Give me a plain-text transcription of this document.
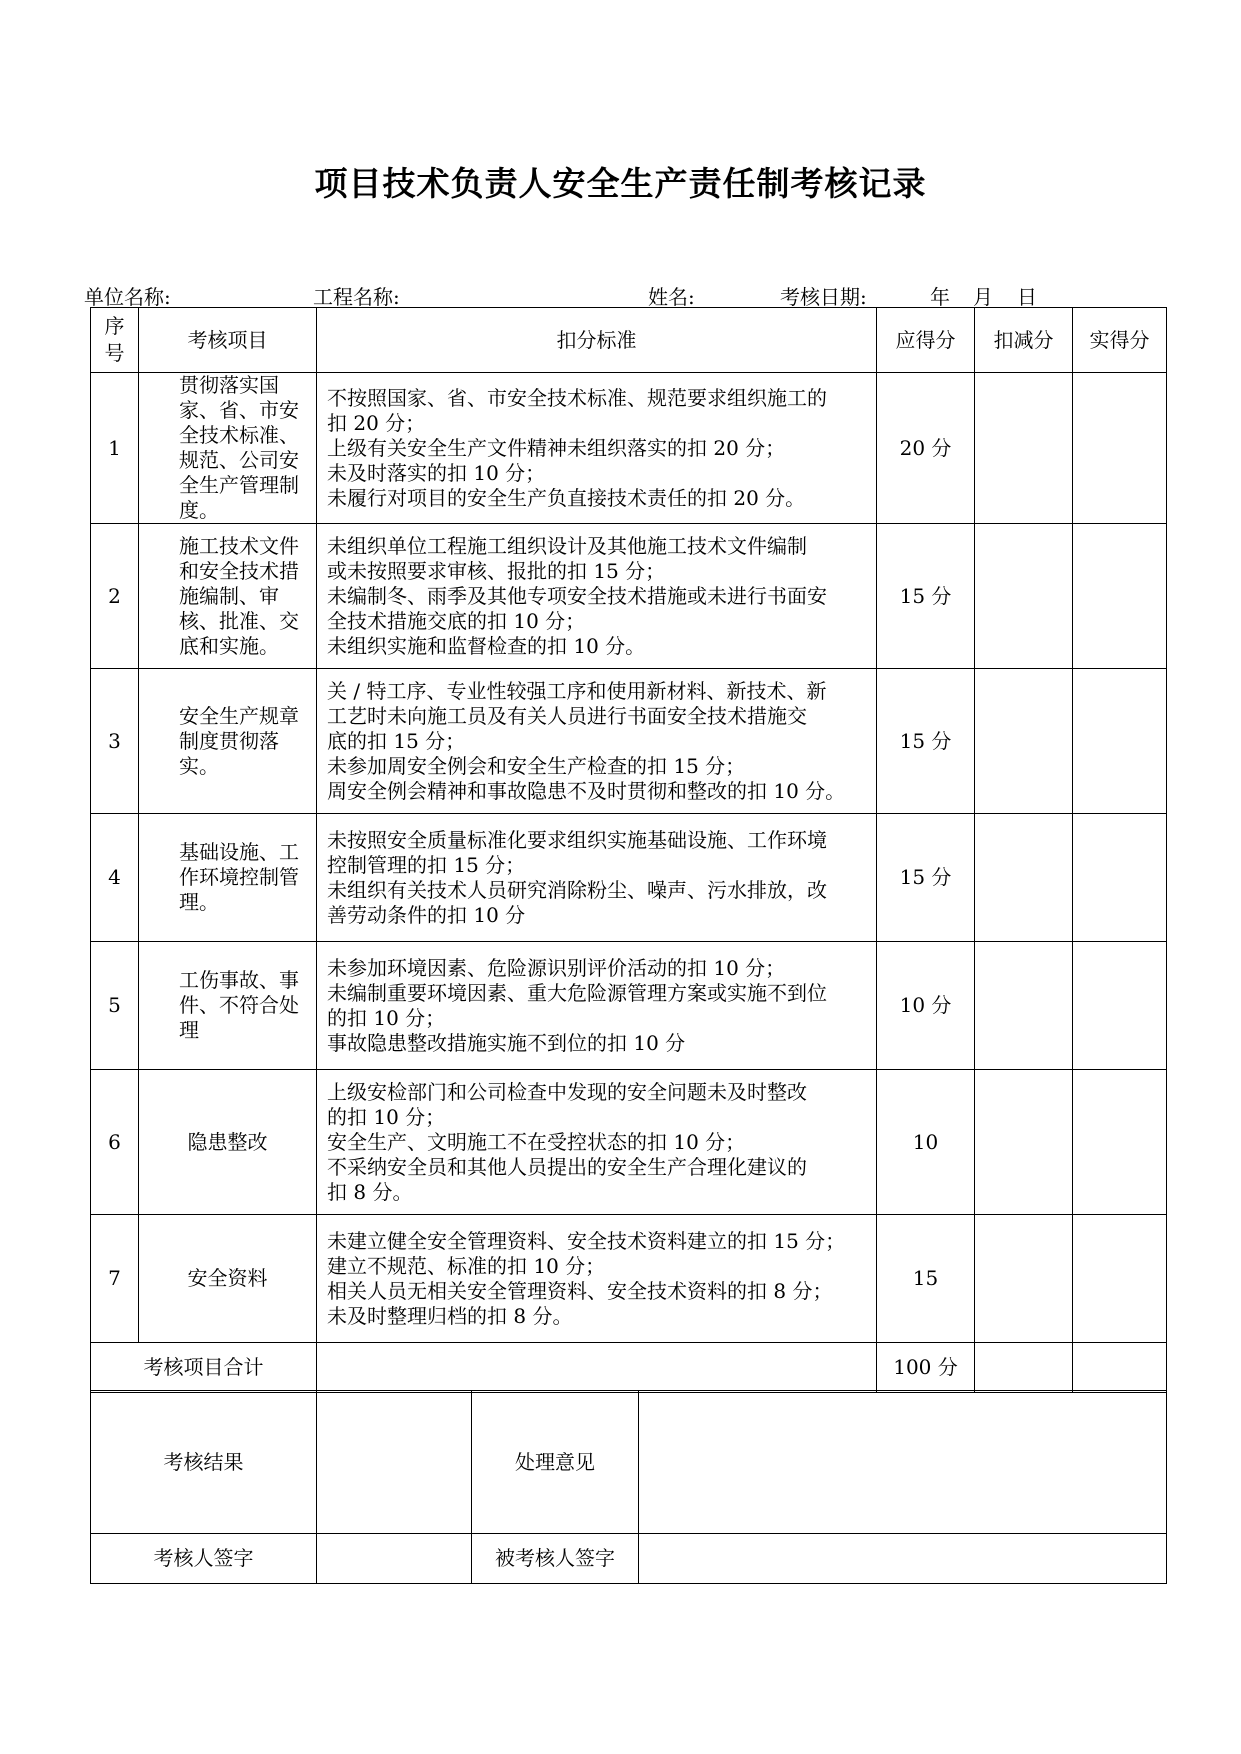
项目技术负责人安全生产责任制考核记录
单位名称:	工程名称:	姓名:	考核日期:	年 月 日
序号	考核项目	扣分标准	应得分	扣减分	实得分
1	贯彻落实国家、省、市安全技术标准、规范、公司安全生产管理制度。	不按照国家、省、市安全技术标准、规范要求组织施工的
扣 20 分；
上级有关安全生产文件精神未组织落实的扣 20 分；
未及时落实的扣 10 分；
未履行对项目的安全生产负直接技术责任的扣 20 分。	20 分		
2	施工技术文件和安全技术措施编制、审核、批准、交底和实施。	未组织单位工程施工组织设计及其他施工技术文件编制
或未按照要求审核、报批的扣 15 分；
未编制冬、雨季及其他专项安全技术措施或未进行书面安
全技术措施交底的扣 10 分；
未组织实施和监督检查的扣 10 分。	15 分		
3	安全生产规章制度贯彻落实。	关 / 特工序、专业性较强工序和使用新材料、新技术、新
工艺时未向施工员及有关人员进行书面安全技术措施交
底的扣 15 分；
未参加周安全例会和安全生产检查的扣 15 分；
周安全例会精神和事故隐患不及时贯彻和整改的扣 10 分。	15 分		
4	基础设施、工作环境控制管理。	未按照安全质量标准化要求组织实施基础设施、工作环境
控制管理的扣 15 分；
未组织有关技术人员研究消除粉尘、噪声、污水排放，改
善劳动条件的扣 10 分	15 分		
5	工伤事故、事件、不符合处理	未参加环境因素、危险源识别评价活动的扣 10 分；
未编制重要环境因素、重大危险源管理方案或实施不到位
的扣 10 分；
事故隐患整改措施实施不到位的扣 10 分	10 分		
6	隐患整改	上级安检部门和公司检查中发现的安全问题未及时整改
的扣 10 分；
安全生产、文明施工不在受控状态的扣 10 分；
不采纳安全员和其他人员提出的安全生产合理化建议的
扣 8 分。	10		
7	安全资料	未建立健全安全管理资料、安全技术资料建立的扣 15 分；
建立不规范、标准的扣 10 分；
相关人员无相关安全管理资料、安全技术资料的扣 8 分；
未及时整理归档的扣 8 分。	15		
考核项目合计			100 分		
考核结果		处理意见	
考核人签字		被考核人签字	
